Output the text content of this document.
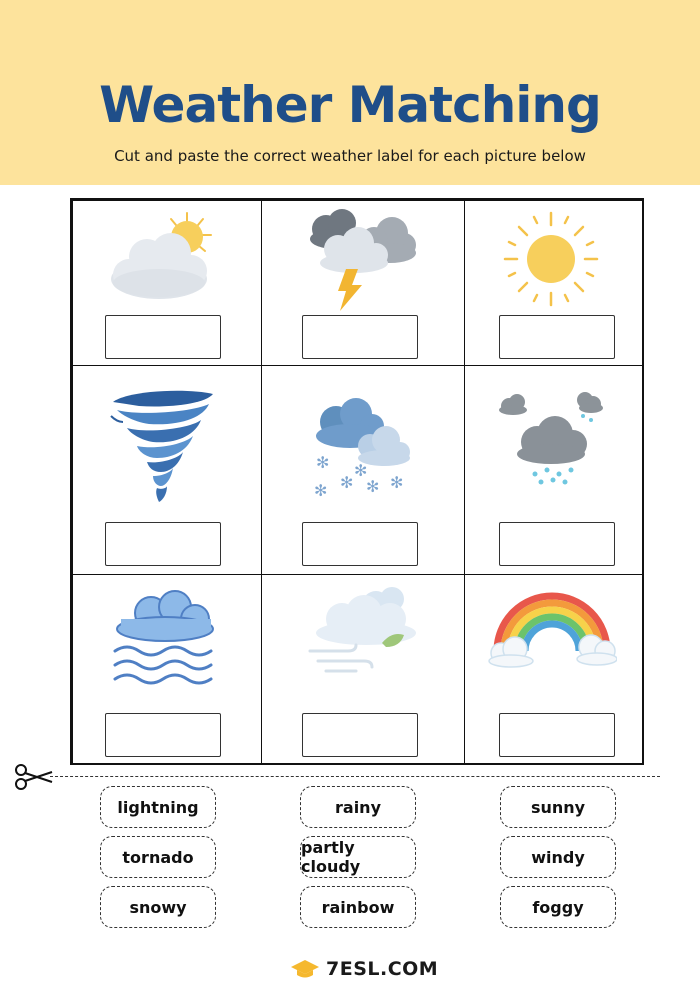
Weather Matching
Cut and paste the correct weather label for each picture below
✻
✻
✻ ✻ ✻
✻
lightning	rainy	sunny
tornado	partly cloudy	windy
snowy	rainbow	foggy
7ESL.COM
